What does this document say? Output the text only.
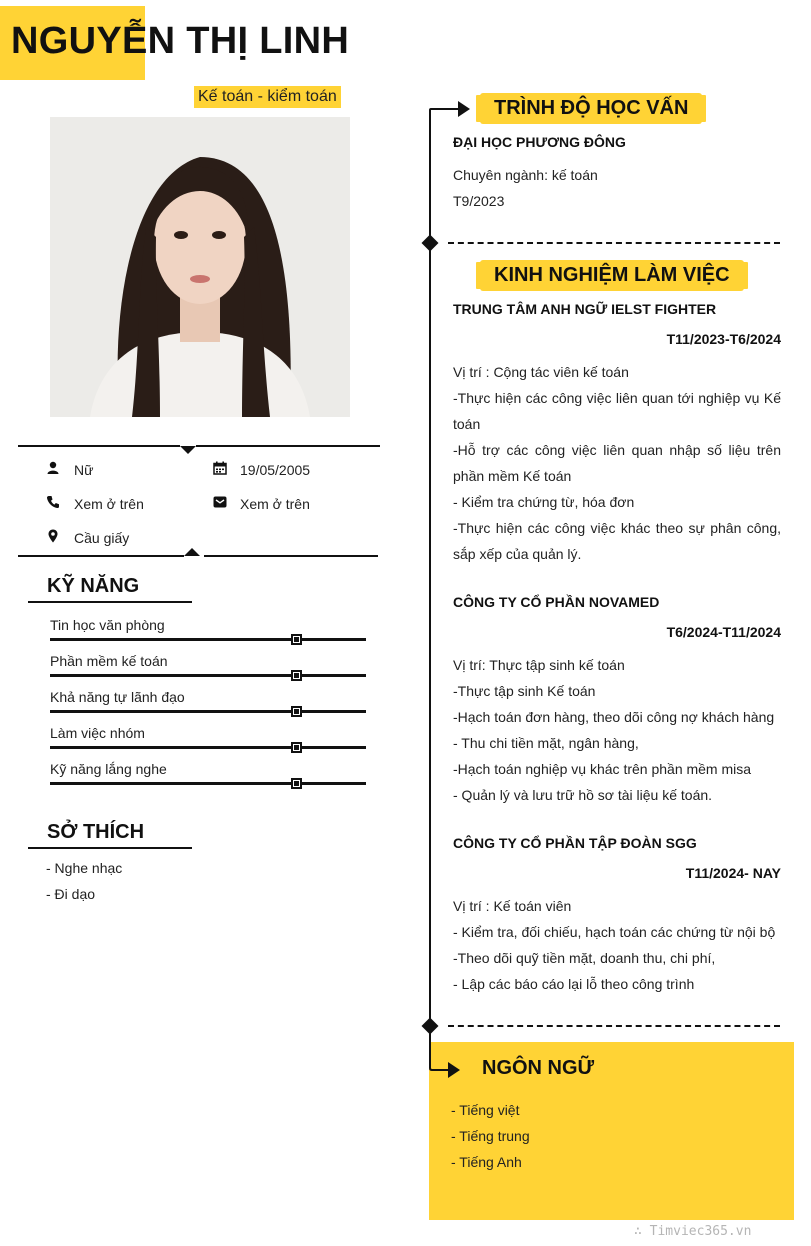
NGUYỄN THỊ LINH
Kế toán - kiểm toán
Nữ	19/05/2005
Xem ở trên	Xem ở trên
Cầu giấy
KỸ NĂNG
Tin học văn phòng
Phần mềm kế toán
Khả năng tự lãnh đạo
Làm việc nhóm
Kỹ năng lắng nghe
SỞ THÍCH
- Nghe nhạc
- Đi dạo
TRÌNH ĐỘ HỌC VẤN
ĐẠI HỌC PHƯƠNG ĐÔNG
Chuyên ngành: kế toán
T9/2023
KINH NGHIỆM LÀM VIỆC
TRUNG TÂM ANH NGỮ IELST FIGHTER
T11/2023-T6/2024
Vị trí : Cộng tác viên kế toán
-Thực hiện các công việc liên quan tới nghiệp vụ Kế toán
-Hỗ trợ các công việc liên quan nhập số liệu trên phần mềm Kế toán
- Kiểm tra chứng từ, hóa đơn
-Thực hiện các công việc khác theo sự phân công, sắp xếp của quản lý.
CÔNG TY CỔ PHẦN NOVAMED
T6/2024-T11/2024
Vị trí: Thực tập sinh kế toán
-Thực tập sinh Kế toán
-Hạch toán đơn hàng, theo dõi công nợ khách hàng
- Thu chi tiền mặt, ngân hàng,
-Hạch toán nghiệp vụ khác trên phần mềm misa
- Quản lý và lưu trữ hồ sơ tài liệu kế toán.
CÔNG TY CỔ PHẦN TẬP ĐOÀN SGG
T11/2024- NAY
Vị trí : Kế toán viên
- Kiểm tra, đối chiếu, hạch toán các chứng từ nội bộ
-Theo dõi quỹ tiền mặt, doanh thu, chi phí,
- Lập các báo cáo lại lỗ theo công trình
NGÔN NGỮ
- Tiếng việt
- Tiếng trung
- Tiếng Anh
∴ Timviec365.vn
